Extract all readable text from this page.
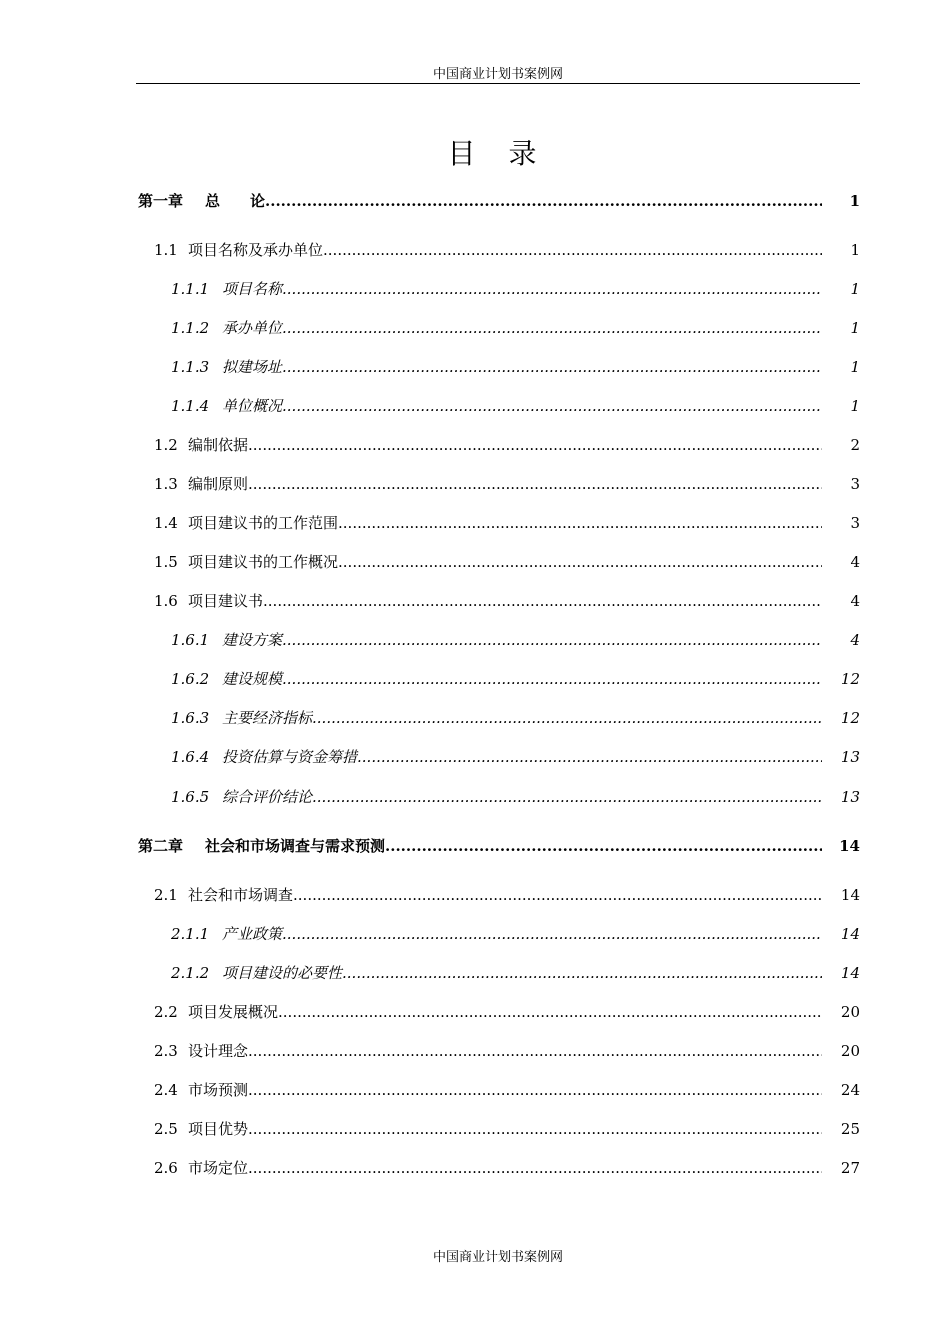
中国商业计划书案例网
目 录
第一章	总　　论 .....	1
1.1 项目名称及承办单位 .....	1
1.1.1 项目名称 .....	1
1.1.2 承办单位 .....	1
1.1.3 拟建场址 .....	1
1.1.4 单位概况 .....	1
1.2 编制依据 .....	2
1.3 编制原则 .....	3
1.4 项目建议书的工作范围 .....	3
1.5 项目建议书的工作概况 .....	4
1.6 项目建议书 .....	4
1.6.1 建设方案 .....	4
1.6.2 建设规模 .....	12
1.6.3 主要经济指标 .....	12
1.6.4 投资估算与资金筹措 .....	13
1.6.5 综合评价结论 .....	13
第二章	社会和市场调查与需求预测 .....	14
2.1 社会和市场调查 .....	14
2.1.1 产业政策 .....	14
2.1.2 项目建设的必要性 .....	14
2.2 项目发展概况 .....	20
2.3 设计理念 .....	20
2.4 市场预测 .....	24
2.5 项目优势 .....	25
2.6 市场定位 .....	27
中国商业计划书案例网
